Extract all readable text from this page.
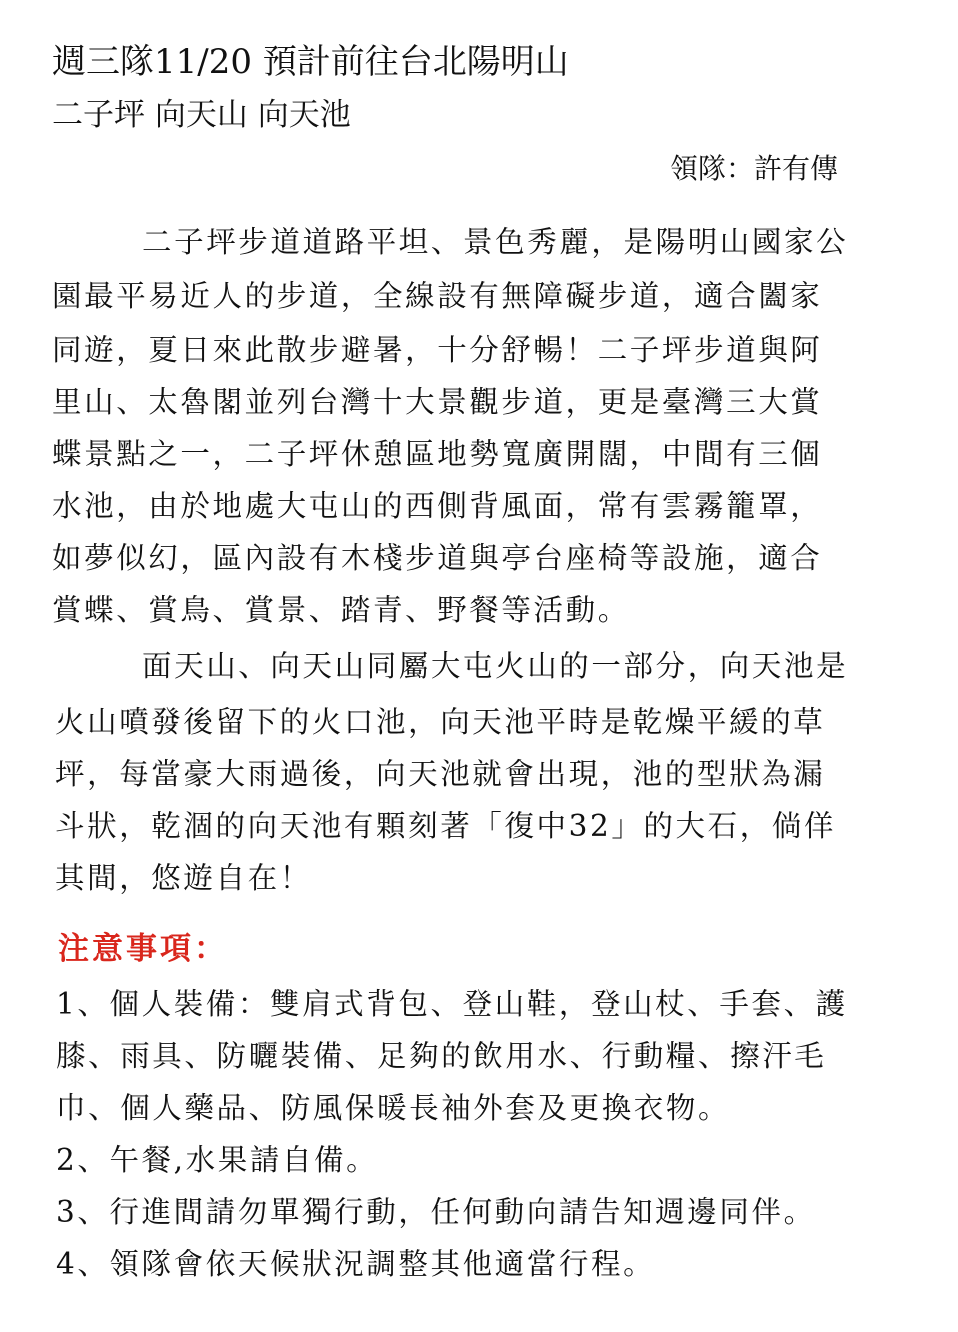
週三隊11/20 預計前往台北陽明山
二子坪 向天山 向天池

領隊：許有傳

二子坪步道道路平坦、景色秀麗，是陽明山國家公

園最平易近人的步道，全線設有無障礙步道，適合闔家

同遊，夏日來此散步避暑，十分舒暢！二子坪步道與阿

里山、太魯閣並列台灣十大景觀步道，更是臺灣三大賞

蝶景點之一，二子坪休憩區地勢寬廣開闊，中間有三個

水池，由於地處大屯山的西側背風面，常有雲霧籠罩，

如夢似幻，區內設有木棧步道與亭台座椅等設施，適合

賞蝶、賞鳥、賞景、踏青、野餐等活動。

面天山、向天山同屬大屯火山的一部分，向天池是

火山噴發後留下的火口池，向天池平時是乾燥平緩的草

坪，每當豪大雨過後，向天池就會出現，池的型狀為漏

斗狀，乾涸的向天池有顆刻著「復中32」的大石，倘佯

其間，悠遊自在！

注意事項：

1、個人裝備：雙肩式背包、登山鞋，登山杖、手套、護

膝、雨具、防曬裝備、足夠的飲用水、行動糧、擦汗毛

巾、個人藥品、防風保暖長袖外套及更換衣物。

2、午餐,水果請自備。

3、行進間請勿單獨行動，任何動向請告知週邊同伴。

4、領隊會依天候狀況調整其他適當行程。
